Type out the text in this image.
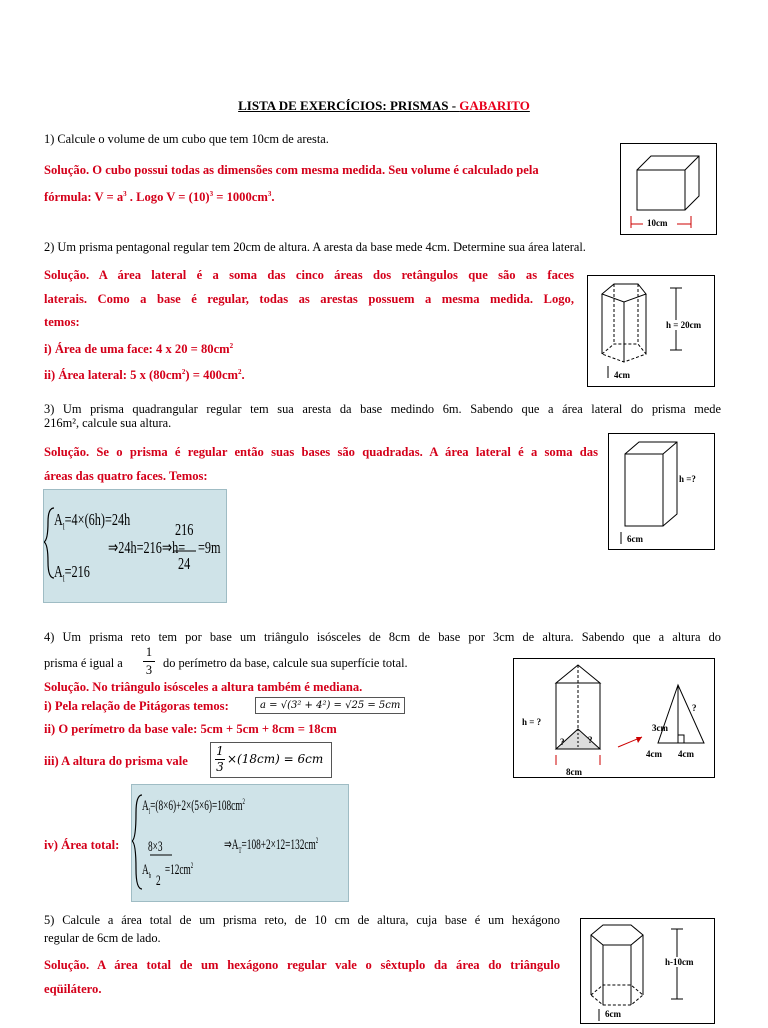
LISTA DE EXERCÍCIOS: PRISMAS - GABARITO
1) Calcule o volume de um cubo que tem 10cm de aresta.
Solução. O cubo possui todas as dimensões com mesma medida. Seu volume é calculado pela
fórmula: $V = a^3$ . Logo $V = (10)^3 = 1000cm^3$.
10cm
2) Um prisma pentagonal regular tem 20cm de altura. A aresta da base mede 4cm. Determine sua área lateral.
Solução. A área lateral é a soma das cinco áreas dos retângulos que são as faces
laterais. Como a base é regular, todas as arestas possuem a mesma medida. Logo,
temos:
i) Área de uma face: 4 x $20 = 80cm^2$
ii) Área lateral: 5 x $(80cm^2) = 400cm^2$.
h = 20cm
4cm
3) Um prisma quadrangular regular tem sua aresta da base medindo 6m. Sabendo que a área lateral do prisma mede
216m², calcule sua altura.
Solução. Se o prisma é regular então suas bases são quadradas. A área lateral é a soma das
áreas das quatro faces. Temos:
$A_l=4\times(6h)=24h$
$A_l=216$
⇒24h=216⇒h=
216
24
=9m
h =?
6cm
4) Um prisma reto tem por base um triângulo isósceles de 8cm de base por 3cm de altura. Sabendo que a altura do
prisma é igual a
1
3 do perímetro da base, calcule sua superfície total.
Solução. No triângulo isósceles a altura também é mediana.
i) Pela relação de Pitágoras temos:	a = √(3² + 4²) = √25 = 5cm
ii) O perímetro da base vale: 5cm + 5cm + 8cm = 18cm
iii) A altura do prisma vale
1
3
×(18cm) = 6cm
iv) Área total:
$A_l=(8\times 6)+2\times(5\times 6)=108cm^2$
8×3
$A_b =12cm^2$
2
$\Rightarrow A_T=108+2\times 12=132cm^2$
h = ?
?	?
8cm
3cm
?
4cm 4cm
5) Calcule a área total de um prisma reto, de 10 cm de altura, cuja base é um hexágono
regular de 6cm de lado.
Solução. A área total de um hexágono regular vale o sêxtuplo da área do triângulo
eqüilátero.
h-10cm
6cm
